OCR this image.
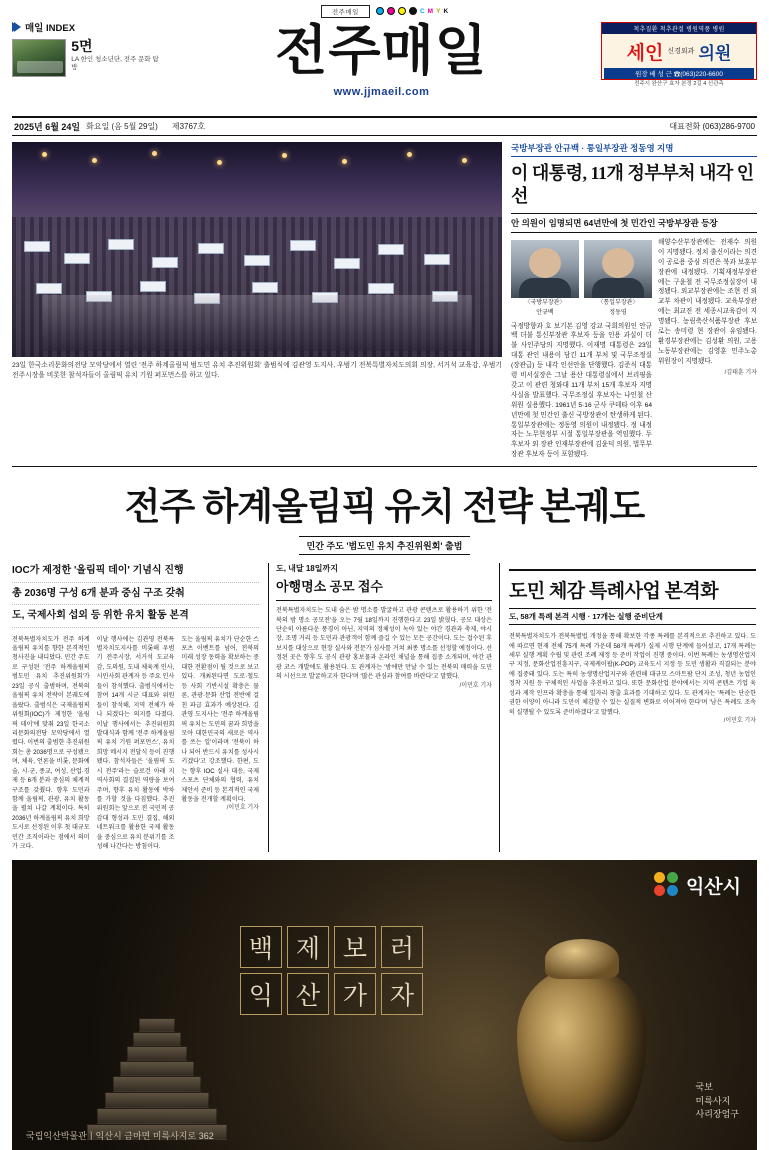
전주매일	C M Y K
매일 INDEX
5면
LA 한인 청소년단, 전주 문화 탐방	전주매일
www.jjmaeil.com
척추질환 척추관절 병원역품 병원
세인 신경외과 의원
원장 배 성 근 ☎(063)220-6600
전주시 완산구 효자 본정 2길 4 신관측
2025년 6월 24일 화요일 (음 5월 29일) 제3767호	대표전화 (063)286-9700
23일 한국소리문화의전당 모악당에서 열린 '전주 하계올림픽 범도민 유치 추진위원회' 출범식에 김관영 도지사, 우범기 전북특별자치도의회 의장, 서거석 교육감, 우범기 전주시장을 비롯한 참석자들이 올림픽 유치 기원 퍼포먼스를 하고 있다.
국방부장관 안규백 · 통일부장관 정동영 지명
이 대통령, 11개 정부부처 내각 인선
안 의원이 임명되면 64년만에 첫 민간인 국방부장관 등장
〈국방부장관〉
안규백
〈통일부장관〉
정동영
국정방향과 호 보기본 김영 강교 국회의원인 안규백 더불 통신부장관 후보자 등을 인용 과실이 더 불 사인주당의 지명했다. 이재명 대통령은 23일 대통 관인 내용이 담긴 11개 부처 및 국무조정실(장관급) 등 내각 인선안을 단행했다. 김준식 대통령 비서실장은 그날 용산 대통령실에서 브리핑을 갖고 이 관련 청와대 11개 부처 15개 후보자 지명 사실을 발표했다. 국무조정실 후보자는 나인철 산 위원 실용했다. 1961년 5·16 군사 쿠데타 이후 64년만에 첫 민간인 출신 국방장관이 탄생하게 된다. 통일부장관에는 정동영 의원이 내정됐다. 정 내정자는 노무현정부 시절 통일부장관을 역임했다. 두 후보자 외 장관 인재부장관에 김윤덕 의원, 법무부장관 후보자 등이 포함됐다.
해양수산부장관에는 전재수 의원이 지명됐다. 정치 출신이라는 의견이 공로용 중심 의견은 북과 보훈부장관에 내정됐다. 기획재정부장관에는 구윤철 전 국무조정실장이 내정됐다. 외교부장관에는 조현 전 외교부 차관이 내정됐다. 교육부장관에는 최교진 전 세종시교육감이 지명됐다. 농림축산식품부장관 후보로는 송미령 현 장관이 유임됐다. 환경부장관에는 김성환 의원, 고용노동부장관에는 김영훈 민주노총 위원장이 지명됐다.
/김태훈 기자
전주 하계올림픽 유치 전략 본궤도
민간 주도 '범도민 유치 추진위원회' 출범
IOC가 제정한 '올림픽 데이' 기념식 진행
총 2036명 구성 6개 분과 중심 구조 갖춰
도, 국제사회 섭외 등 위한 유치 활동 본격
전북특별자치도가 전주 하계올림픽 유치를 향한 본격적인 청사진을 내디뎠다. 민간 주도로 구성된 '전주 하계올림픽 범도민 유치 추진위원회'가 23일 공식 출범하며, 전북의 올림픽 유치 전략이 본궤도에 올랐다. 출범식은 국제올림픽위원회(IOC)가 제정한 '올림픽 데이'에 맞춰 23일 한국소리문화의전당 모악당에서 열렸다. 이번의 출범한 추진위원회는 총 2036명으로 구성됐으며, 체육, 언론을 비롯, 문화예술, 시·군, 종교, 여성, 산업·경제 등 6개 분과 중심의 체계적 구조를 갖췄다. 향후 도민과 함께 올림픽, 관광, 유치 활동을 펼쳐 나갈 계획이다. 특히 2036년 하계올림픽 유치 희망 도시로 선정된 이후 첫 대규모 민간 조직이라는 점에서 의미가 크다.
이날 행사에는 김관영 전북특별자치도지사를 비롯해 우범기 전주시장, 서거석 도교육감, 도의원, 도내 체육계 인사, 시민사회 관계자 등 주요 인사들이 참석했다. 출범식에서는 참여 14개 시군 대표와 위원들이 참석해, 지역 전체가 하나 되겠다는 의지를 다졌다. 이날 행사에서는 추진위원회 발대식과 함께 '전주 하계올림픽 유치 기원 퍼포먼스', 유치 희망 메시지 전달식 등이 진행됐다. 참석자들은 '올림픽 도시 전주'라는 슬로건 아래 지역사회의 결집된 역량을 보여주며, 향후 유치 활동에 박차를 가할 것을 다짐했다. 추진위원회는 앞으로 전 국민적 공감대 형성과 도민 결집, 해외 네트워크를 활용한 국제 활동을 중심으로 유치 분위기를 조성해 나간다는 방침이다.
도는 올림픽 유치가 단순한 스포츠 이벤트를 넘어, 전북의 미래 성장 동력을 확보하는 중대한 전환점이 될 것으로 보고 있다. 개최된다면 도로·철도 등 사회 기반시설 확충은 물론, 관광·문화 산업 전반에 걸친 파급 효과가 예상된다. 김관영 도지사는 '전주 하계올림픽 유치는 도민의 꿈과 희망을 모아 대한민국의 새로운 역사를 쓰는 일'이라며 '전북이 하나 되어 반드시 유치를 성사시키겠다'고 강조했다. 한편, 도는 향후 IOC 실사 대응, 국제 스포츠 단체와의 협력, 유치 제안서 준비 등 본격적인 국제 활동을 전개할 계획이다.
/이민호 기자
도, 내달 18일까지
아행명소 공모 접수
전북특별자치도는 도내 숨은 밤 명소를 발굴하고 관광 콘텐츠로 활용하기 위한 '전북의 밤 명소 공모전'을 오는 7월 18일까지 진행한다고 23일 밝혔다. 공모 대상은 단순히 아름다운 풍경이 아닌, 지역의 정체성이 녹아 있는 야간 경관과 축제, 야시장, 조명 거리 등 도민과 관광객이 함께 즐길 수 있는 모든 공간이다. 도는 접수된 후보지를 대상으로 현장 실사와 전문가 심사를 거쳐 최종 명소를 선정할 예정이다. 선정된 곳은 향후 도 공식 관광 홍보물과 온라인 채널을 통해 집중 소개되며, 야간 관광 코스 개발에도 활용된다. 도 관계자는 '밤에만 만날 수 있는 전북의 매력을 도민의 시선으로 발굴하고자 한다'며 '많은 관심과 참여를 바란다'고 말했다.
/이민호 기자
도민 체감 특례사업 본격화
도, 58개 특례 본격 시행 · 17개는 실행 준비단계
전북특별자치도가 전북특별법 개정을 통해 확보한 각종 특례를 본격적으로 추진하고 있다. 도에 따르면 현재 전체 75개 특례 가운데 58개 특례가 실제 시행 단계에 들어섰고, 17개 특례는 세부 실행 계획 수립 및 관련 조례 제정 등 준비 작업이 진행 중이다. 이번 특례는 농생명산업지구 지정, 문화산업진흥지구, 국제케이팝(K-POP) 교육도시 지정 등 도민 생활과 직결되는 분야에 집중돼 있다. 도는 특히 농생명산업지구와 관련해 대규모 스마트팜 단지 조성, 청년 농업인 정착 지원 등 구체적인 사업을 추진하고 있다. 또한 문화산업 분야에서는 지역 콘텐츠 기업 육성과 제작 인프라 확충을 통해 일자리 창출 효과를 기대하고 있다. 도 관계자는 '특례는 단순한 권한 이양이 아니라 도민이 체감할 수 있는 실질적 변화로 이어져야 한다'며 '남은 특례도 조속히 실행될 수 있도록 준비하겠다'고 말했다.
/이민호 기자
익산시
백 제 보 러
익 산 가 자
국보
미륵사지
사리장엄구
국립익산박물관ㅣ익산시 금마면 미륵사지로 362
